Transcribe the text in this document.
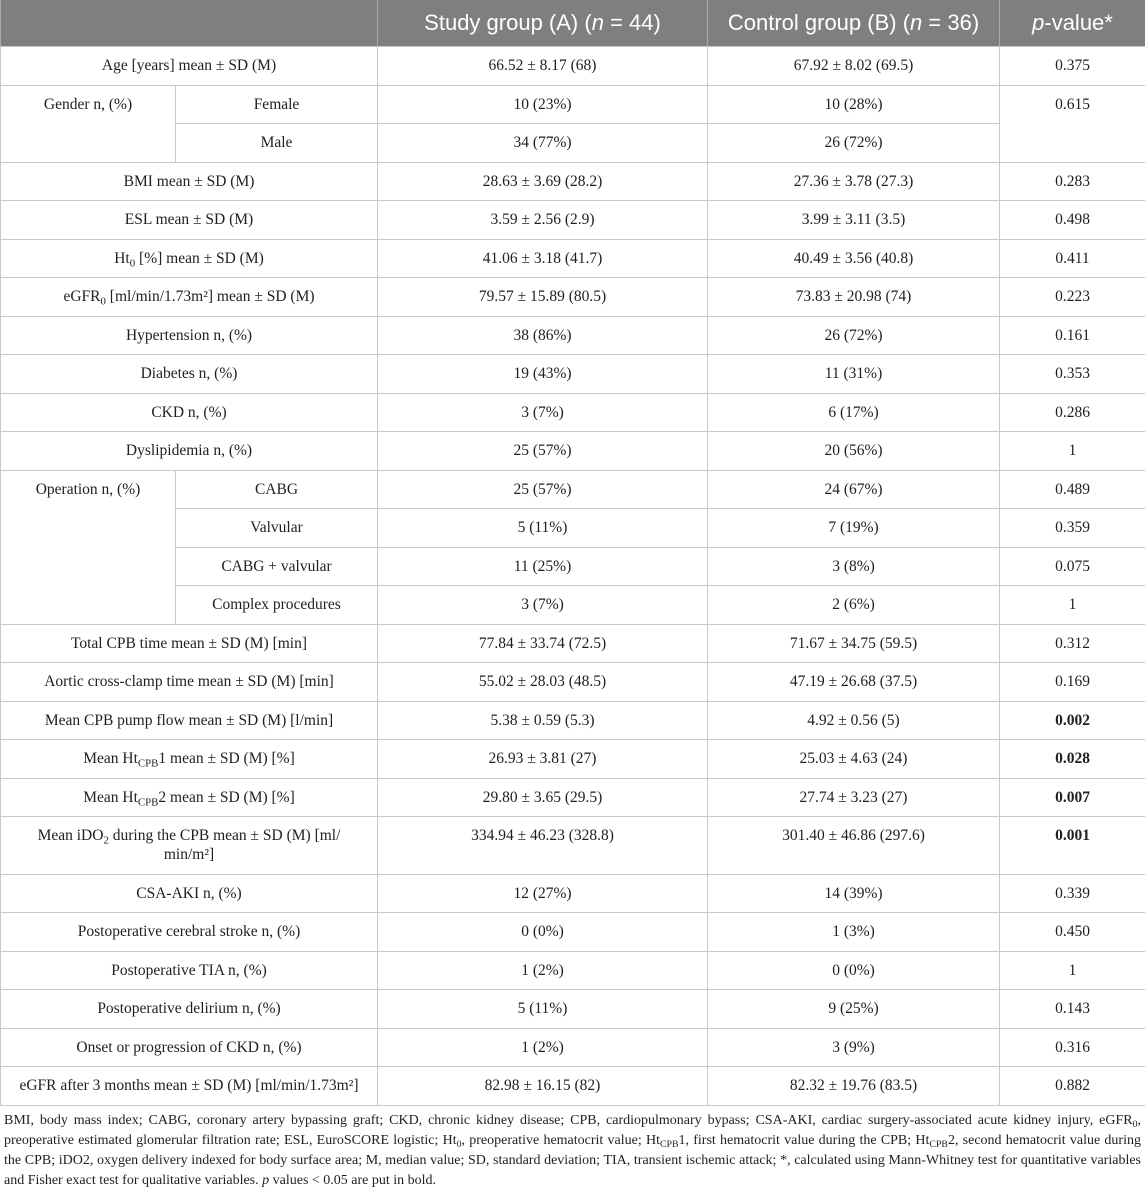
		Study group (A) (n = 44)	Control group (B) (n = 36)	p-value*
Age [years] mean ± SD (M)		66.52 ± 8.17 (68)	67.92 ± 8.02 (69.5)	0.375
Gender n, (%)	Female	10 (23%)	10 (28%)	0.615
	Male	34 (77%)	26 (72%)	
BMI mean ± SD (M)		28.63 ± 3.69 (28.2)	27.36 ± 3.78 (27.3)	0.283
ESL mean ± SD (M)		3.59 ± 2.56 (2.9)	3.99 ± 3.11 (3.5)	0.498
$Ht_0$ [%] mean ± SD (M)		41.06 ± 3.18 (41.7)	40.49 ± 3.56 (40.8)	0.411
eGFR$_0$ [ml/min/1.73m²] mean ± SD (M)		79.57 ± 15.89 (80.5)	73.83 ± 20.98 (74)	0.223
Hypertension n, (%)		38 (86%)	26 (72%)	0.161
Diabetes n, (%)		19 (43%)	11 (31%)	0.353
CKD n, (%)		3 (7%)	6 (17%)	0.286
Dyslipidemia n, (%)		25 (57%)	20 (56%)	1
Operation n, (%)	CABG	25 (57%)	24 (67%)	0.489
	Valvular	5 (11%)	7 (19%)	0.359
	CABG + valvular	11 (25%)	3 (8%)	0.075
	Complex procedures	3 (7%)	2 (6%)	1
Total CPB time mean ± SD (M) [min]		77.84 ± 33.74 (72.5)	71.67 ± 34.75 (59.5)	0.312
Aortic cross-clamp time mean ± SD (M) [min]		55.02 ± 28.03 (48.5)	47.19 ± 26.68 (37.5)	0.169
Mean CPB pump flow mean ± SD (M) [l/min]		5.38 ± 0.59 (5.3)	4.92 ± 0.56 (5)	0.002
Mean $Ht_{CPB}1$ mean ± SD (M) [%]		26.93 ± 3.81 (27)	25.03 ± 4.63 (24)	0.028
Mean $Ht_{CPB}2$ mean ± SD (M) [%]		29.80 ± 3.65 (29.5)	27.74 ± 3.23 (27)	0.007
Mean iDO$_2$ during the CPB mean ± SD (M) [ml/
min/m²]		334.94 ± 46.23 (328.8)	301.40 ± 46.86 (297.6)	0.001
CSA-AKI n, (%)		12 (27%)	14 (39%)	0.339
Postoperative cerebral stroke n, (%)		0 (0%)	1 (3%)	0.450
Postoperative TIA n, (%)		1 (2%)	0 (0%)	1
Postoperative delirium n, (%)		5 (11%)	9 (25%)	0.143
Onset or progression of CKD n, (%)		1 (2%)	3 (9%)	0.316
eGFR after 3 months mean ± SD (M) [ml/min/1.73m²]		82.98 ± 16.15 (82)	82.32 ± 19.76 (83.5)	0.882

BMI, body mass index; CABG, coronary artery bypassing graft; CKD, chronic kidney disease; CPB, cardiopulmonary bypass; CSA-AKI, cardiac surgery-associated acute kidney injury, eGFR$_0$, preoperative estimated glomerular filtration rate; ESL, EuroSCORE logistic; $Ht_0$, preoperative hematocrit value; $Ht_{CPB}1$, first hematocrit value during the CPB; $Ht_{CPB}2$, second hematocrit value during the CPB; iDO2, oxygen delivery indexed for body surface area; M, median value; SD, standard deviation; TIA, transient ischemic attack; *, calculated using Mann-Whitney test for quantitative variables and Fisher exact test for qualitative variables. p values < 0.05 are put in bold.
